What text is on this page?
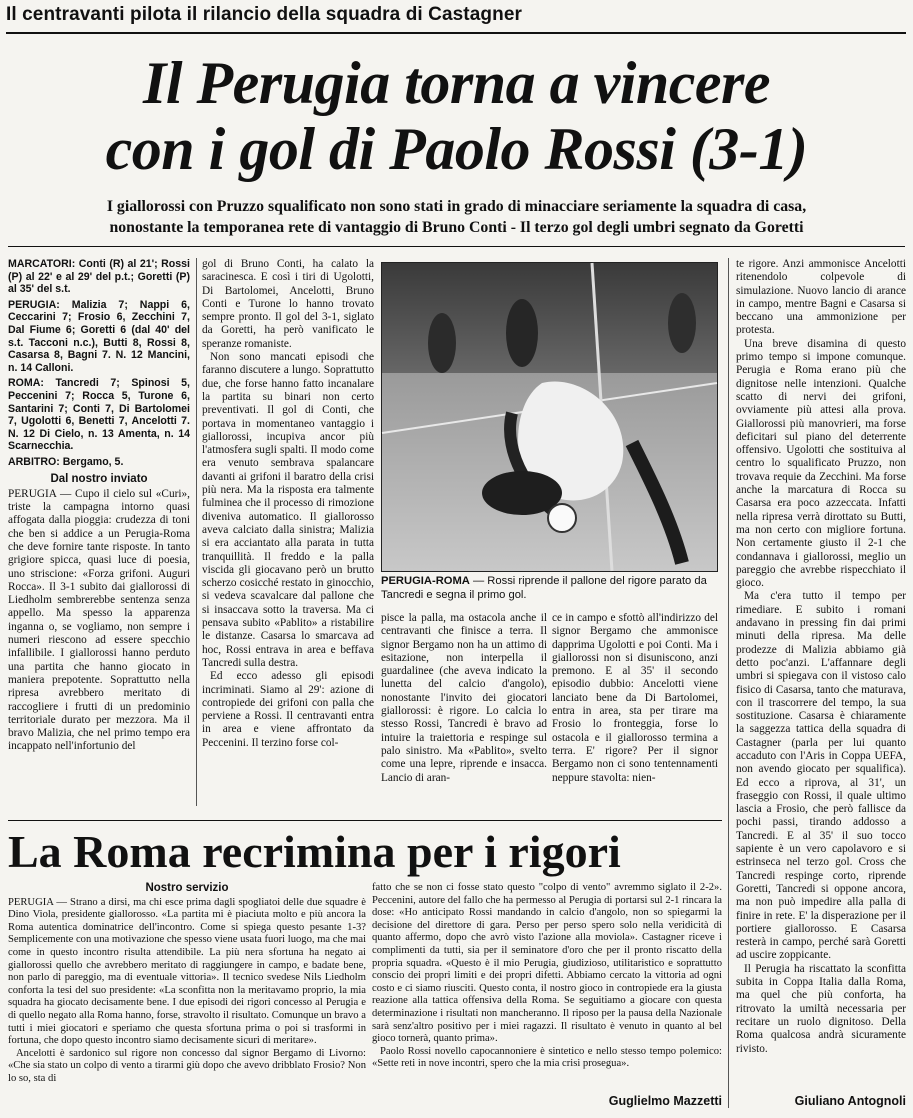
Il centravanti pilota il rilancio della squadra di Castagner
Il Perugia torna a vincere
con i gol di Paolo Rossi (3-1)
I giallorossi con Pruzzo squalificato non sono stati in grado di minacciare seriamente la squadra di casa,
nonostante la temporanea rete di vantaggio di Bruno Conti - Il terzo gol degli umbri segnato da Goretti

MARCATORI: Conti (R) al 21'; Rossi (P) al 22' e al 29' del p.t.; Goretti (P) al 35' del s.t.

PERUGIA: Malizia 7; Nappi 6, Ceccarini 7; Frosio 6, Zecchini 7, Dal Fiume 6; Goretti 6 (dal 40' del s.t. Tacconi n.c.), Butti 8, Rossi 8, Casarsa 8, Bagni 7. N. 12 Mancini, n. 14 Calloni.

ROMA: Tancredi 7; Spinosi 5, Peccenini 7; Rocca 5, Turone 6, Santarini 7; Conti 7, Di Bartolomei 7, Ugolotti 6, Benetti 7, Ancelotti 7. N. 12 Di Cielo, n. 13 Amenta, n. 14 Scarnecchia.

ARBITRO: Bergamo, 5.

Dal nostro inviato

PERUGIA — Cupo il cielo sul «Curi», triste la campagna intorno quasi affogata dalla pioggia: crudezza di toni che ben si addice a un Perugia-Roma che deve fornire tante risposte. In tanto grigiore spicca, quasi luce di poesia, uno striscione: «Forza grifoni. Auguri Rocca». Il 3-1 subito dai giallorossi di Liedholm sembrerebbe sentenza senza appello. Ma spesso la apparenza inganna o, se vogliamo, non sempre i numeri riescono ad essere specchio infallibile. I giallorossi hanno perduto una partita che hanno giocato in maniera prepotente. Soprattutto nella ripresa avrebbero meritato di raccogliere i frutti di un predominio territoriale durato per mezzora. Ma il bravo Malizia, che nel primo tempo era incappato nell'infortunio del

gol di Bruno Conti, ha calato la saracinesca. E così i tiri di Ugolotti, Di Bartolomei, Ancelotti, Bruno Conti e Turone lo hanno trovato sempre pronto. Il gol del 3-1, siglato da Goretti, ha però vanificato le speranze romaniste.

Non sono mancati episodi che faranno discutere a lungo. Soprattutto due, che forse hanno fatto incanalare la partita su binari non certo preventivati. Il gol di Conti, che portava in momentaneo vantaggio i giallorossi, incupiva ancor più l'atmosfera sugli spalti. Il modo come era venuto sembrava spalancare davanti ai grifoni il baratro della crisi più nera. Ma la risposta era talmente fulminea che il processo di rimozione diveniva automatico. Il giallorosso aveva calciato dalla sinistra; Malizia si era acciantato alla parata in tutta tranquillità. Il freddo e la palla viscida gli giocavano però un brutto scherzo cosicché restato in ginocchio, si vedeva scavalcare dal pallone che si insaccava sotto la traversa. Ma ci pensava subito «Pablito» a ristabilire le distanze. Casarsa lo smarcava ad hoc, Rossi entrava in area e beffava Tancredi sulla destra.

Ed ecco adesso gli episodi incriminati. Siamo al 29': azione di contropiede dei grifoni con palla che perviene a Rossi. Il centravanti entra in area e viene affrontato da Peccenini. Il terzino forse col-

PERUGIA-ROMA — Rossi riprende il pallone del rigore parato da Tancredi e segna il primo gol.

pisce la palla, ma ostacola anche il centravanti che finisce a terra. Il signor Bergamo non ha un attimo di esitazione, non interpella il guardalinee (che aveva indicato la lunetta del calcio d'angolo), nonostante l'invito dei giocatori giallorossi: è rigore. Lo calcia lo stesso Rossi, Tancredi è bravo ad intuire la traiettoria e respinge sul palo sinistro. Ma «Pablito», svelto come una lepre, riprende e insacca. Lancio di aran-

ce in campo e sfottò all'indirizzo del signor Bergamo che ammonisce dapprima Ugolotti e poi Conti. Ma i giallorossi non si disuniscono, anzi premono. E al 35' il secondo episodio dubbio: Ancelotti viene lanciato bene da Di Bartolomei, entra in area, sta per tirare ma Frosio lo fronteggia, forse lo ostacola e il giallorosso termina a terra. E' rigore? Per il signor Bergamo non ci sono tentennamenti neppure stavolta: nien-

te rigore. Anzi ammonisce Ancelotti ritenendolo colpevole di simulazione. Nuovo lancio di arance in campo, mentre Bagni e Casarsa si beccano una ammonizione per protesta.

Una breve disamina di questo primo tempo si impone comunque. Perugia e Roma erano più che dignitose nelle intenzioni. Qualche scatto di nervi dei grifoni, ovviamente più attesi alla prova. Giallorossi più manovrieri, ma forse deficitari sul piano del deterrente offensivo. Ugolotti che sostituiva al centro lo squalificato Pruzzo, non trovava requie da Zecchini. Ma forse anche la marcatura di Rocca su Casarsa era poco azzeccata. Infatti nella ripresa verrà dirottato su Butti, ma non certo con migliore fortuna. Non certamente giusto il 2-1 che condannava i giallorossi, meglio un pareggio che avrebbe rispecchiato il gioco.

Ma c'era tutto il tempo per rimediare. E subito i romani andavano in pressing fin dai primi minuti della ripresa. Ma delle prodezze di Malizia abbiamo già detto poc'anzi. L'affannare degli umbri si spiegava con il vistoso calo fisico di Casarsa, tanto che maturava, con il trascorrere del tempo, la sua sostituzione. Casarsa è chiaramente la saggezza tattica della squadra di Castagner (parla per lui quanto accaduto con l'Aris in Coppa UEFA, non avendo giocato per squalifica). Ed ecco a riprova, al 31', un fraseggio con Rossi, il quale ultimo lascia a Frosio, che però fallisce da pochi passi, tirando addosso a Tancredi. E al 35' il suo tocco sapiente è un vero capolavoro e si estrinseca nel terzo gol. Cross che Tancredi respinge corto, riprende Goretti, Tancredi si oppone ancora, ma non può impedire alla palla di finire in rete. E' la disperazione per il portiere giallorosso. E Casarsa resterà in campo, perché sarà Goretti ad uscire zoppicante.

Il Perugia ha riscattato la sconfitta subita in Coppa Italia dalla Roma, ma quel che più conforta, ha ritrovato la umiltà necessaria per recitare un ruolo dignitoso. Della Roma qualcosa andrà sicuramente rivisto.

Giuliano Antognoli
La Roma recrimina per i rigori
Nostro servizio

PERUGIA — Strano a dirsi, ma chi esce prima dagli spogliatoi delle due squadre è Dino Viola, presidente giallorosso. «La partita mi è piaciuta molto e più ancora la Roma autentica dominatrice dell'incontro. Come si spiega questo pesante 1-3? Semplicemente con una motivazione che spesso viene usata fuori luogo, ma che mai come in questo incontro risulta attendibile. La più nera sfortuna ha negato ai giallorossi quello che avrebbero meritato di raggiungere in campo, e badate bene, non parlo di pareggio, ma di eventuale vittoria». Il tecnico svedese Nils Liedholm conforta la tesi del suo presidente: «La sconfitta non la meritavamo proprio, la mia squadra ha giocato decisamente bene. I due episodi dei rigori concesso al Perugia e di quello negato alla Roma hanno, forse, stravolto il risultato. Comunque un bravo a tutti i miei giocatori e speriamo che questa sfortuna prima o poi si trasformi in fortuna, che dopo questo incontro siamo decisamente sicuri di meritare».

Ancelotti è sardonico sul rigore non concesso dal signor Bergamo di Livorno: «Che sia stato un colpo di vento a tirarmi giù dopo che avevo dribblato Frosio? Non lo so, sta di

fatto che se non ci fosse stato questo "colpo di vento" avremmo siglato il 2-2». Peccenini, autore del fallo che ha permesso al Perugia di portarsi sul 2-1 rincara la dose: «Ho anticipato Rossi mandando in calcio d'angolo, non so spiegarmi la decisione del direttore di gara. Perso per perso spero solo nella veridicità di quanto affermo, dopo che avrò visto l'azione alla moviola». Castagner riceve i complimenti da tutti, sia per il seminatore d'oro che per il pronto riscatto della propria squadra. «Questo è il mio Perugia, giudizioso, utilitaristico e soprattutto conscio dei propri limiti e dei propri difetti. Abbiamo cercato la vittoria ad ogni costo e ci siamo riusciti. Questo conta, il nostro gioco in contropiede era la giusta reazione alla tattica offensiva della Roma. Se seguitiamo a giocare con questa determinazione i risultati non mancheranno. Il riposo per la pausa della Nazionale sarà senz'altro positivo per i miei ragazzi. Il risultato è venuto in quanto al bel gioco tornerà, quanto prima».

Paolo Rossi novello capocannoniere è sintetico e nello stesso tempo polemico: «Sette reti in nove incontri, spero che la mia crisi prosegua».

Guglielmo Mazzetti
